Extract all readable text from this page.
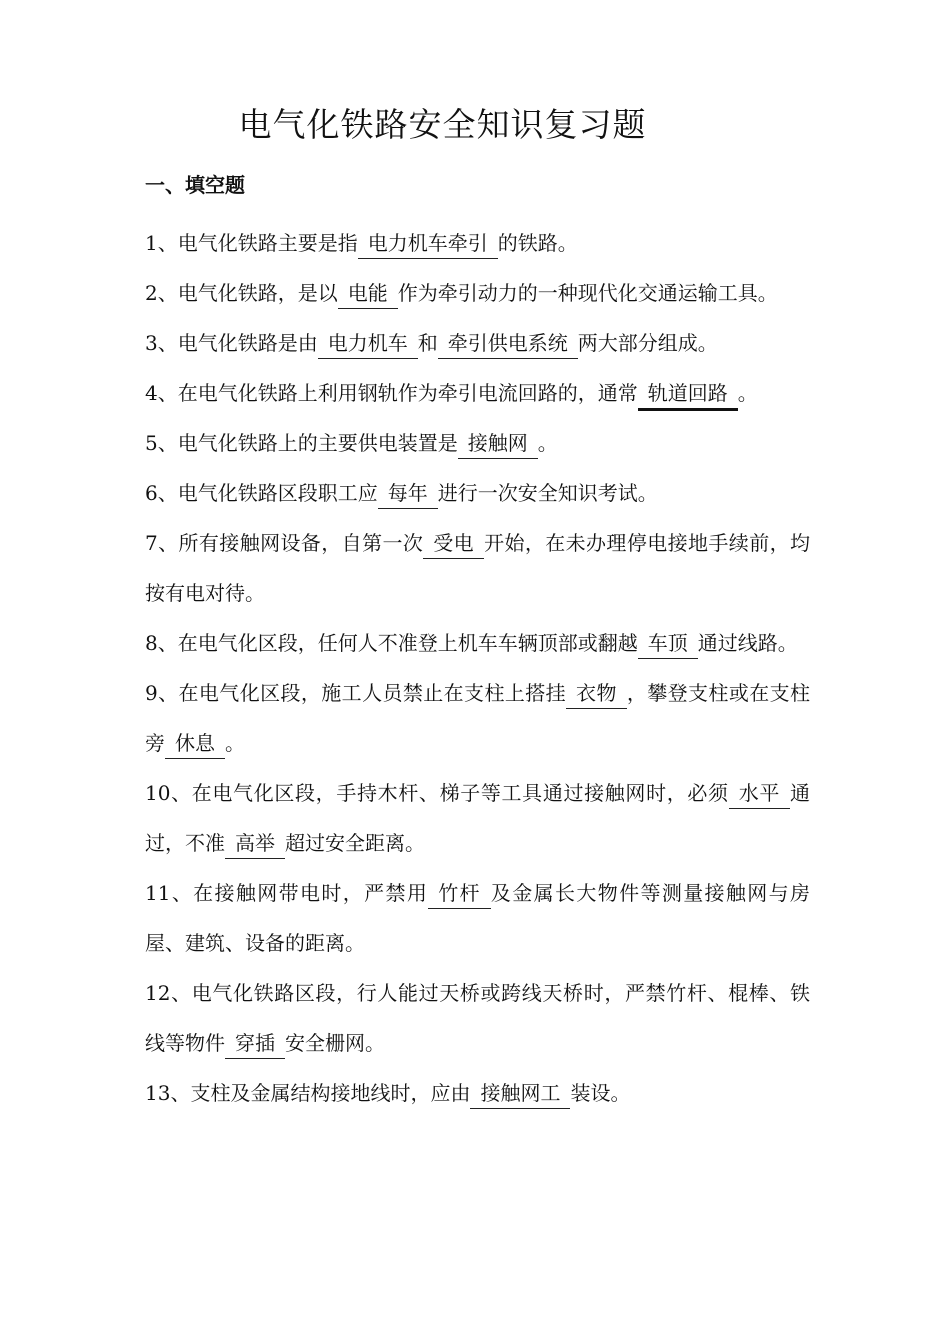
电气化铁路安全知识复习题
一、填空题

1、电气化铁路主要是指 电力机车牵引 的铁路。

2、电气化铁路，是以 电能 作为牵引动力的一种现代化交通运输工具。

3、电气化铁路是由 电力机车 和 牵引供电系统 两大部分组成。

4、在电气化铁路上利用钢轨作为牵引电流回路的，通常 轨道回路 。

5、电气化铁路上的主要供电装置是 接触网 。

6、电气化铁路区段职工应 每年 进行一次安全知识考试。

7、所有接触网设备，自第一次 受电 开始，在未办理停电接地手续前，均按有电对待。

8、在电气化区段，任何人不准登上机车车辆顶部或翻越 车顶 通过线路。

9、在电气化区段，施工人员禁止在支柱上搭挂 衣物 ，攀登支柱或在支柱旁 休息 。

10、在电气化区段，手持木杆、梯子等工具通过接触网时，必须 水平 通过，不准 高举 超过安全距离。

11、在接触网带电时，严禁用 竹杆 及金属长大物件等测量接触网与房屋、建筑、设备的距离。

12、电气化铁路区段，行人能过天桥或跨线天桥时，严禁竹杆、棍棒、铁线等物件 穿插 安全栅网。

13、支柱及金属结构接地线时，应由 接触网工 装设。
